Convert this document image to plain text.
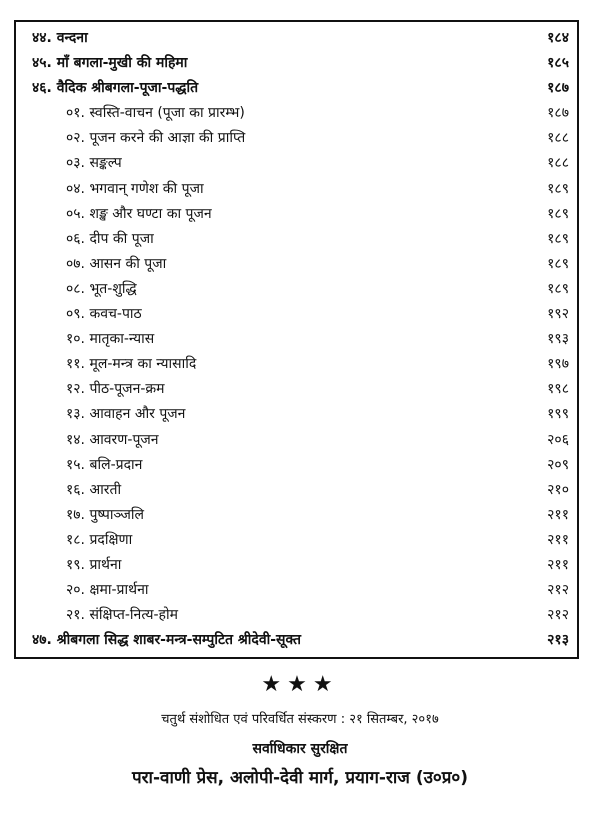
४४. वन्दना	१८४
४५. माँ बगला-मुखी की महिमा	१८५
४६. वैदिक श्रीबगला-पूजा-पद्धति	१८७
०१. स्वस्ति-वाचन (पूजा का प्रारम्भ)	१८७
०२. पूजन करने की आज्ञा की प्राप्ति	१८८
०३. सङ्कल्प	१८८
०४. भगवान् गणेश की पूजा	१८९
०५. शङ्ख और घण्टा का पूजन	१८९
०६. दीप की पूजा	१८९
०७. आसन की पूजा	१८९
०८. भूत-शुद्धि	१८९
०९. कवच-पाठ	१९२
१०. मातृका-न्यास	१९३
११. मूल-मन्त्र का न्यासादि	१९७
१२. पीठ-पूजन-क्रम	१९८
१३. आवाहन और पूजन	१९९
१४. आवरण-पूजन	२०६
१५. बलि-प्रदान	२०९
१६. आरती	२१०
१७. पुष्पाञ्जलि	२११
१८. प्रदक्षिणा	२११
१९. प्रार्थना	२११
२०. क्षमा-प्रार्थना	२१२
२१. संक्षिप्त-नित्य-होम	२१२
४७. श्रीबगला सिद्ध शाबर-मन्त्र-सम्पुटित श्रीदेवी-सूक्त	२१३
★★★
चतुर्थ संशोधित एवं परिवर्धित संस्करण : २१ सितम्बर, २०१७
सर्वाधिकार सुरक्षित
परा-वाणी प्रेस, अलोपी-देवी मार्ग, प्रयाग-राज (उ०प्र०)
